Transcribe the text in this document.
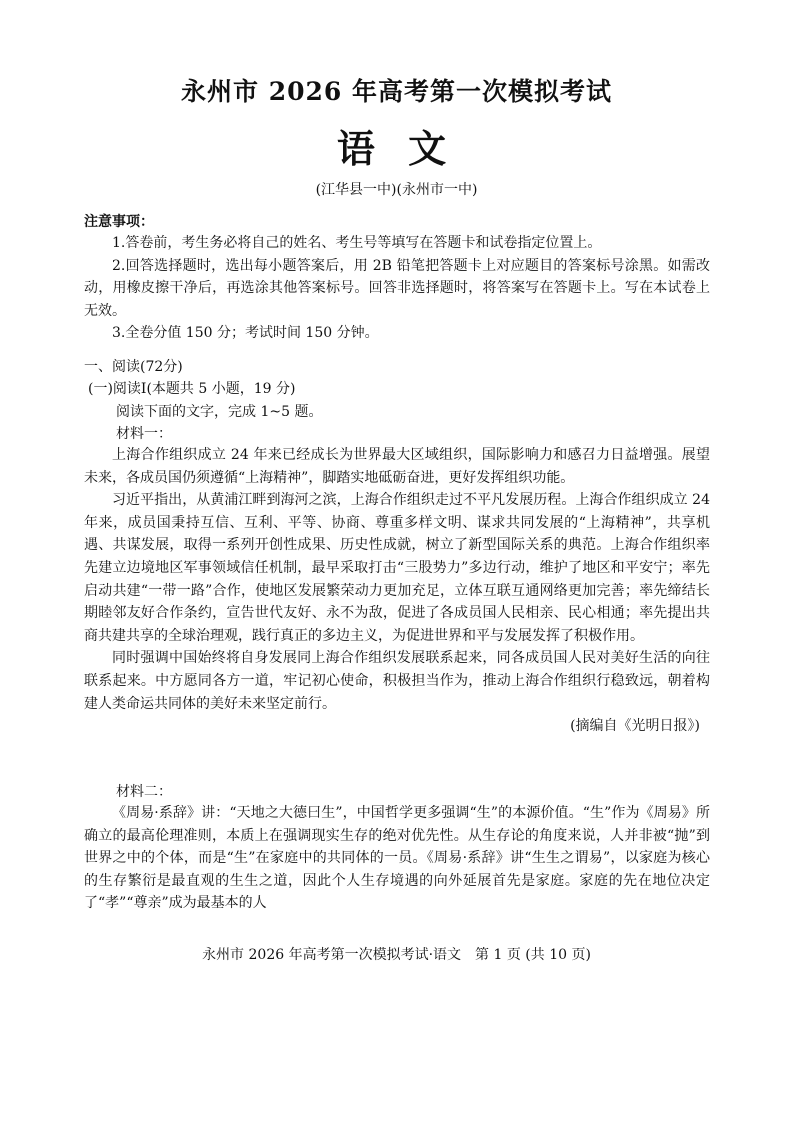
永州市 2026 年高考第一次模拟考试
语 文
(江华县一中)(永州市一中)
注意事项：

1.答卷前，考生务必将自己的姓名、考生号等填写在答题卡和试卷指定位置上。

2.回答选择题时，选出每小题答案后，用 2B 铅笔把答题卡上对应题目的答案标号涂黑。如需改动，用橡皮擦干净后，再选涂其他答案标号。回答非选择题时，将答案写在答题卡上。写在本试卷上无效。

3.全卷分值 150 分；考试时间 150 分钟。

一、阅读(72分)
(一)阅读Ⅰ(本题共 5 小题，19 分)
阅读下面的文字，完成 1~5 题。
材料一：

上海合作组织成立 24 年来已经成长为世界最大区域组织，国际影响力和感召力日益增强。展望未来，各成员国仍须遵循“上海精神”，脚踏实地砥砺奋进，更好发挥组织功能。

习近平指出，从黄浦江畔到海河之滨，上海合作组织走过不平凡发展历程。上海合作组织成立 24 年来，成员国秉持互信、互利、平等、协商、尊重多样文明、谋求共同发展的“上海精神”，共享机遇、共谋发展，取得一系列开创性成果、历史性成就，树立了新型国际关系的典范。上海合作组织率先建立边境地区军事领域信任机制，最早采取打击“三股势力”多边行动，维护了地区和平安宁；率先启动共建“一带一路”合作，使地区发展繁荣动力更加充足，立体互联互通网络更加完善；率先缔结长期睦邻友好合作条约，宣告世代友好、永不为敌，促进了各成员国人民相亲、民心相通；率先提出共商共建共享的全球治理观，践行真正的多边主义，为促进世界和平与发展发挥了积极作用。

同时强调中国始终将自身发展同上海合作组织发展联系起来，同各成员国人民对美好生活的向往联系起来。中方愿同各方一道，牢记初心使命，积极担当作为，推动上海合作组织行稳致远，朝着构建人类命运共同体的美好未来坚定前行。

(摘编自《光明日报》)
材料二：

《周易·系辞》讲：“天地之大德曰生”，中国哲学更多强调“生”的本源价值。“生”作为《周易》所确立的最高伦理准则，本质上在强调现实生存的绝对优先性。从生存论的角度来说，人并非被“抛”到世界之中的个体，而是“生”在家庭中的共同体的一员。《周易·系辞》讲“生生之谓易”，以家庭为核心的生存繁衍是最直观的生生之道，因此个人生存境遇的向外延展首先是家庭。家庭的先在地位决定了“孝”“尊亲”成为最基本的人

永州市 2026 年高考第一次模拟考试·语文　第 1 页 (共 10 页)
